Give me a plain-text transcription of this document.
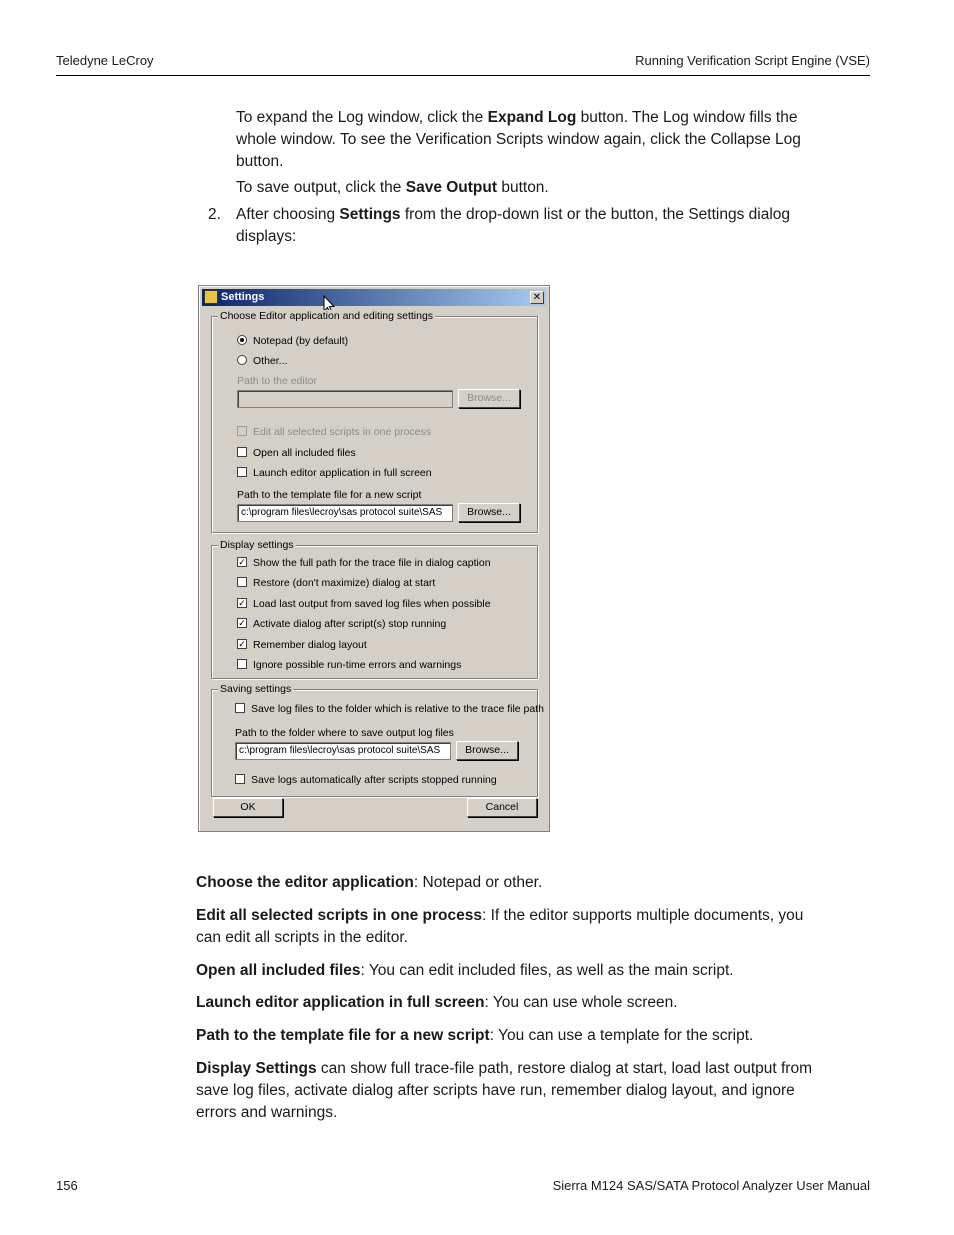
Teledyne LeCroy	Running Verification Script Engine (VSE)
To expand the Log window, click the Expand Log button. The Log window fills the
whole window. To see the Verification Scripts window again, click the Collapse Log
button.
To save output, click the Save Output button.
2. After choosing Settings from the drop-down list or the button, the Settings dialog
displays:
Settings	✕
Choose Editor application and editing settings
Notepad (by default)
Other...
Path to the editor
Browse...
Edit all selected scripts in one process
Open all included files
Launch editor application in full screen
Path to the template file for a new script
c:\program files\lecroy\sas protocol suite\SAS	Browse...
Display settings
✓ Show the full path for the trace file in dialog caption
Restore (don't maximize) dialog at start
✓ Load last output from saved log files when possible
✓ Activate dialog after script(s) stop running
✓ Remember dialog layout
Ignore possible run-time errors and warnings
Saving settings
Save log files to the folder which is relative to the trace file path
Path to the folder where to save output log files
c:\program files\lecroy\sas protocol suite\SAS	Browse...
Save logs automatically after scripts stopped running
OK	Cancel
Choose the editor application: Notepad or other.
Edit all selected scripts in one process: If the editor supports multiple documents, you
can edit all scripts in the editor.
Open all included files: You can edit included files, as well as the main script.
Launch editor application in full screen: You can use whole screen.
Path to the template file for a new script: You can use a template for the script.
Display Settings can show full trace-file path, restore dialog at start, load last output from
save log files, activate dialog after scripts have run, remember dialog layout, and ignore
errors and warnings.
156	Sierra M124 SAS/SATA Protocol Analyzer User Manual
